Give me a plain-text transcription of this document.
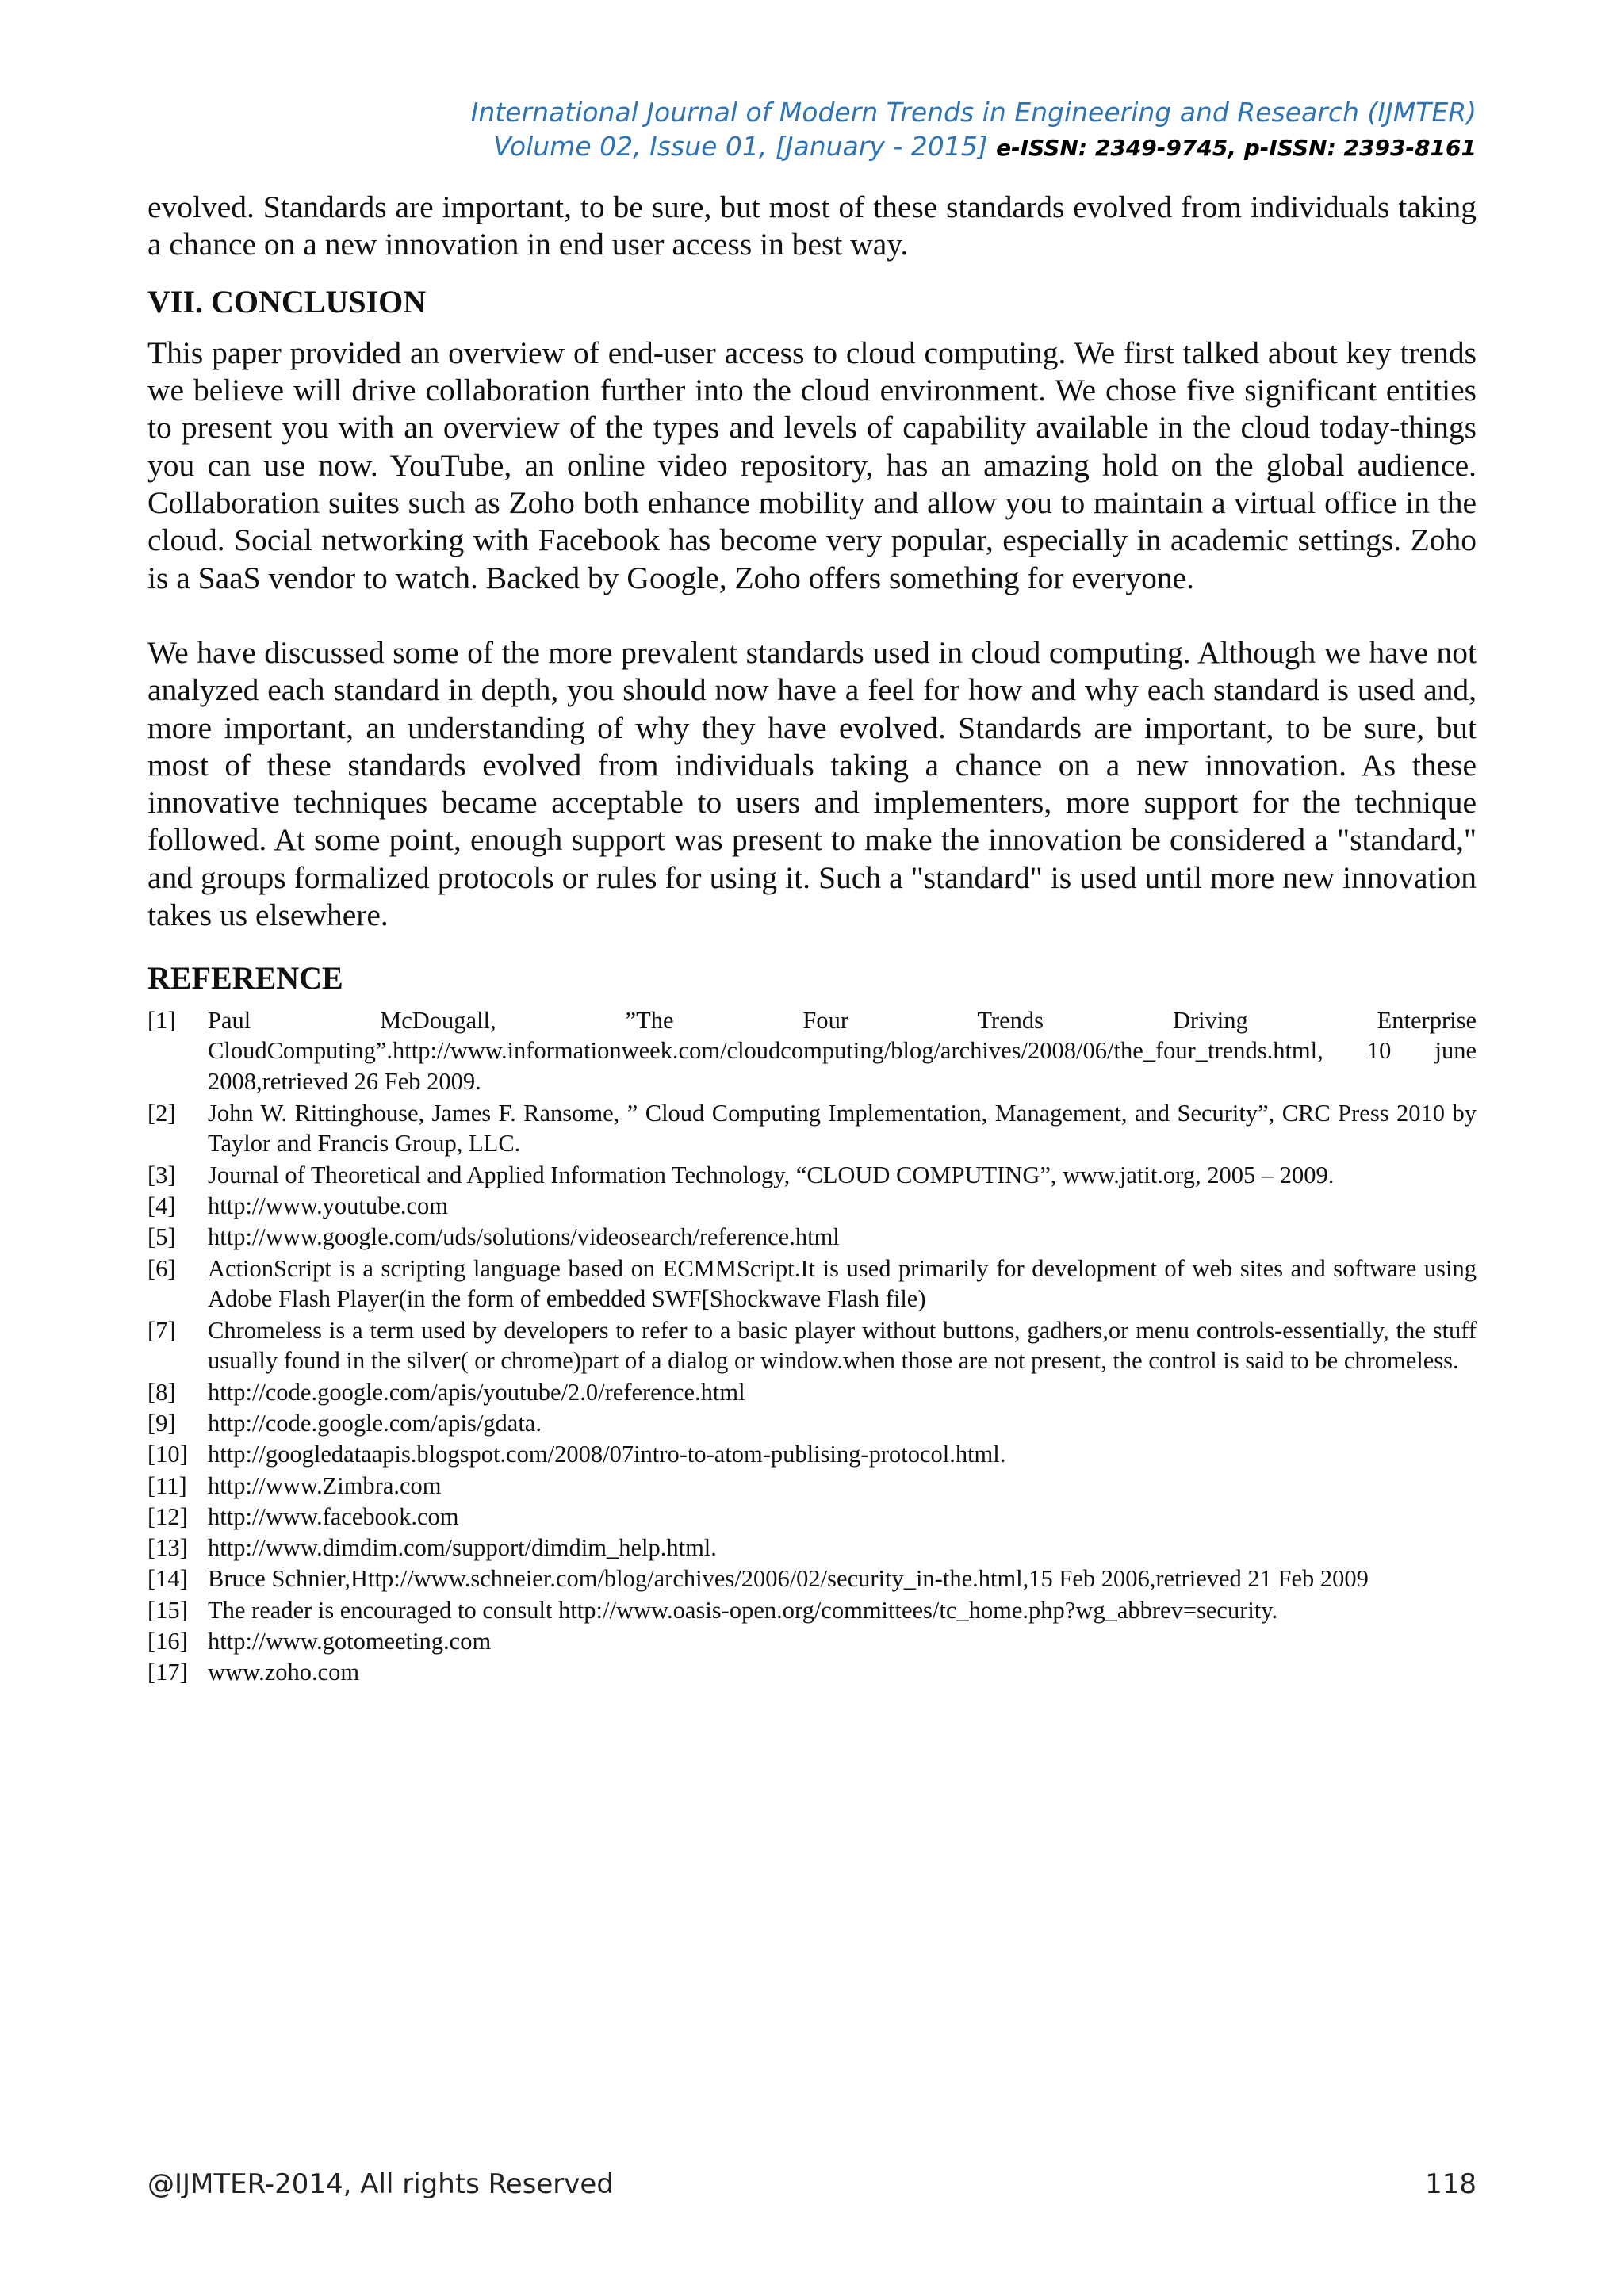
International Journal of Modern Trends in Engineering and Research (IJMTER)
Volume 02, Issue 01, [January - 2015] e-ISSN: 2349-9745, p-ISSN: 2393-8161

evolved. Standards are important, to be sure, but most of these standards evolved from individuals taking a chance on a new innovation in end user access in best way.

VII. CONCLUSION

This paper provided an overview of end-user access to cloud computing. We first talked about key trends we believe will drive collaboration further into the cloud environment. We chose five significant entities to present you with an overview of the types and levels of capability available in the cloud today-things you can use now. YouTube, an online video repository, has an amazing hold on the global audience. Collaboration suites such as Zoho both enhance mobility and allow you to maintain a virtual office in the cloud. Social networking with Facebook has become very popular, especially in academic settings. Zoho is a SaaS vendor to watch. Backed by Google, Zoho offers something for everyone.

We have discussed some of the more prevalent standards used in cloud computing. Although we have not analyzed each standard in depth, you should now have a feel for how and why each standard is used and, more important, an understanding of why they have evolved. Standards are important, to be sure, but most of these standards evolved from individuals taking a chance on a new innovation. As these innovative techniques became acceptable to users and implementers, more support for the technique followed. At some point, enough support was present to make the innovation be considered a "standard," and groups formalized protocols or rules for using it. Such a "standard" is used until more new innovation takes us elsewhere.

REFERENCE
[1]	Paul McDougall, ”The Four Trends Driving Enterprise CloudComputing”.http://www.informationweek.com/cloudcomputing/blog/archives/2008/06/the_four_trends.html, 10 june 2008,retrieved 26 Feb 2009.
[2]	John W. Rittinghouse, James F. Ransome, ” Cloud Computing Implementation, Management, and Security”, CRC Press 2010 by Taylor and Francis Group, LLC.
[3]	Journal of Theoretical and Applied Information Technology, “CLOUD COMPUTING”, www.jatit.org, 2005 – 2009.
[4]	http://www.youtube.com
[5]	http://www.google.com/uds/solutions/videosearch/reference.html
[6]	ActionScript is a scripting language based on ECMMScript.It is used primarily for development of web sites and software using Adobe Flash Player(in the form of embedded SWF[Shockwave Flash file)
[7]	Chromeless is a term used by developers to refer to a basic player without buttons, gadhers,or menu controls-essentially, the stuff usually found in the silver( or chrome)part of a dialog or window.when those are not present, the control is said to be chromeless.
[8]	http://code.google.com/apis/youtube/2.0/reference.html
[9]	http://code.google.com/apis/gdata.
[10] http://googledataapis.blogspot.com/2008/07intro-to-atom-publising-protocol.html.
[11] http://www.Zimbra.com
[12] http://www.facebook.com
[13] http://www.dimdim.com/support/dimdim_help.html.
[14] Bruce Schnier,Http://www.schneier.com/blog/archives/2006/02/security_in-the.html,15 Feb 2006,retrieved 21 Feb 2009
[15] The reader is encouraged to consult http://www.oasis-open.org/committees/tc_home.php?wg_abbrev=security.
[16] http://www.gotomeeting.com
[17] www.zoho.com
@IJMTER-2014, All rights Reserved	118
